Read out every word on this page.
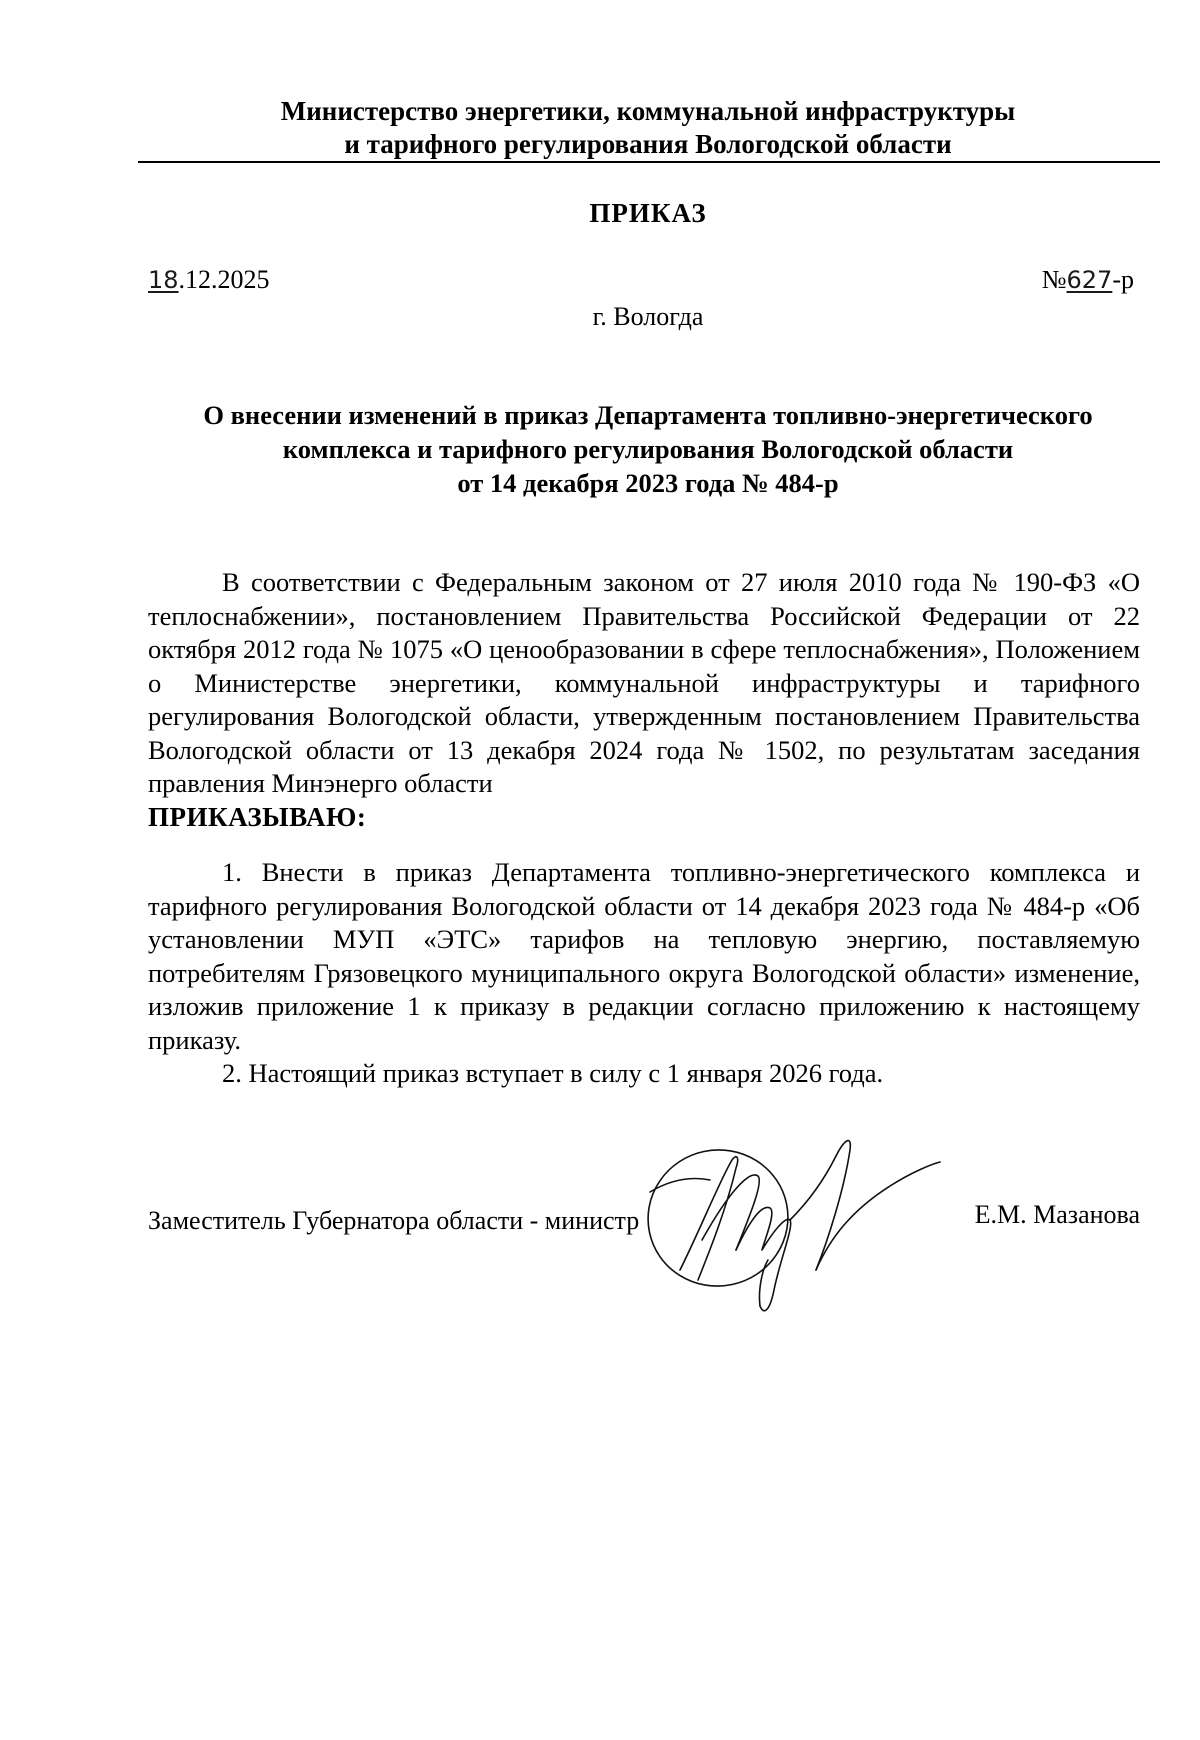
Министерство энергетики, коммунальной инфраструктуры
и тарифного регулирования Вологодской области
ПРИКАЗ
18.12.2025	№627-р
г. Вологда
О внесении изменений в приказ Департамента топливно-энергетического
комплекса и тарифного регулирования Вологодской области
от 14 декабря 2023 года № 484-р

В соответствии с Федеральным законом от 27 июля 2010 года № 190-ФЗ «О теплоснабжении», постановлением Правительства Российской Федерации от 22 октября 2012 года № 1075 «О ценообразовании в сфере теплоснабжения», Положением о Министерстве энергетики, коммунальной инфраструктуры и тарифного регулирования Вологодской области, утвержденным постановлением Правительства Вологодской области от 13 декабря 2024 года № 1502, по результатам заседания правления Минэнерго области

ПРИКАЗЫВАЮ:

1. Внести в приказ Департамента топливно-энергетического комплекса и тарифного регулирования Вологодской области от 14 декабря 2023 года № 484-р «Об установлении МУП «ЭТС» тарифов на тепловую энергию, поставляемую потребителям Грязовецкого муниципального округа Вологодской области» изменение, изложив приложение 1 к приказу в редакции согласно приложению к настоящему приказу.

2. Настоящий приказ вступает в силу с 1 января 2026 года.

Заместитель Губернатора области - министр	Е.М. Мазанова
